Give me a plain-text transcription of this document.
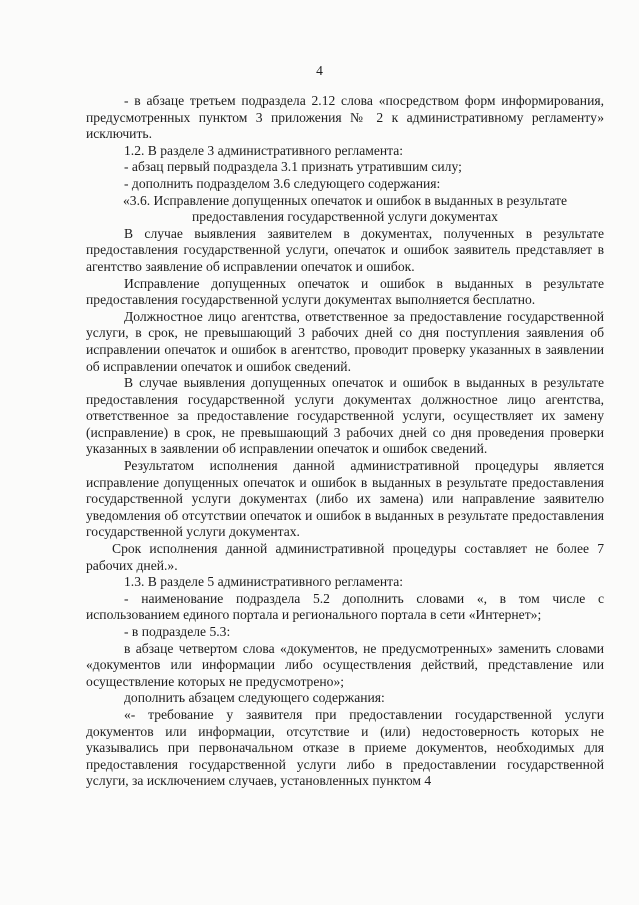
4

- в абзаце третьем подраздела 2.12 слова «посредством форм информирования, предусмотренных пунктом 3 приложения № 2 к административному регламенту» исключить.

1.2. В разделе 3 административного регламента:

- абзац первый подраздела 3.1 признать утратившим силу;

- дополнить подразделом 3.6 следующего содержания:

«3.6. Исправление допущенных опечаток и ошибок в выданных в результате предоставления государственной услуги документах

В случае выявления заявителем в документах, полученных в результате предоставления государственной услуги, опечаток и ошибок заявитель представляет в агентство заявление об исправлении опечаток и ошибок.

Исправление допущенных опечаток и ошибок в выданных в результате предоставления государственной услуги документах выполняется бесплатно.

Должностное лицо агентства, ответственное за предоставление государственной услуги, в срок, не превышающий 3 рабочих дней со дня поступления заявления об исправлении опечаток и ошибок в агентство, проводит проверку указанных в заявлении об исправлении опечаток и ошибок сведений.

В случае выявления допущенных опечаток и ошибок в выданных в результате предоставления государственной услуги документах должностное лицо агентства, ответственное за предоставление государственной услуги, осуществляет их замену (исправление) в срок, не превышающий 3 рабочих дней со дня проведения проверки указанных в заявлении об исправлении опечаток и ошибок сведений.

Результатом исполнения данной административной процедуры является исправление допущенных опечаток и ошибок в выданных в результате предоставления государственной услуги документах (либо их замена) или направление заявителю уведомления об отсутствии опечаток и ошибок в выданных в результате предоставления государственной услуги документах.

Срок исполнения данной административной процедуры составляет не более 7 рабочих дней.».

1.3. В разделе 5 административного регламента:

- наименование подраздела 5.2 дополнить словами «, в том числе с использованием единого портала и регионального портала в сети «Интернет»;

- в подразделе 5.3:

в абзаце четвертом слова «документов, не предусмотренных» заменить словами «документов или информации либо осуществления действий, представление или осуществление которых не предусмотрено»;

дополнить абзацем следующего содержания:

«- требование у заявителя при предоставлении государственной услуги документов или информации, отсутствие и (или) недостоверность которых не указывались при первоначальном отказе в приеме документов, необходимых для предоставления государственной услуги либо в предоставлении государственной услуги, за исключением случаев, установленных пунктом 4
